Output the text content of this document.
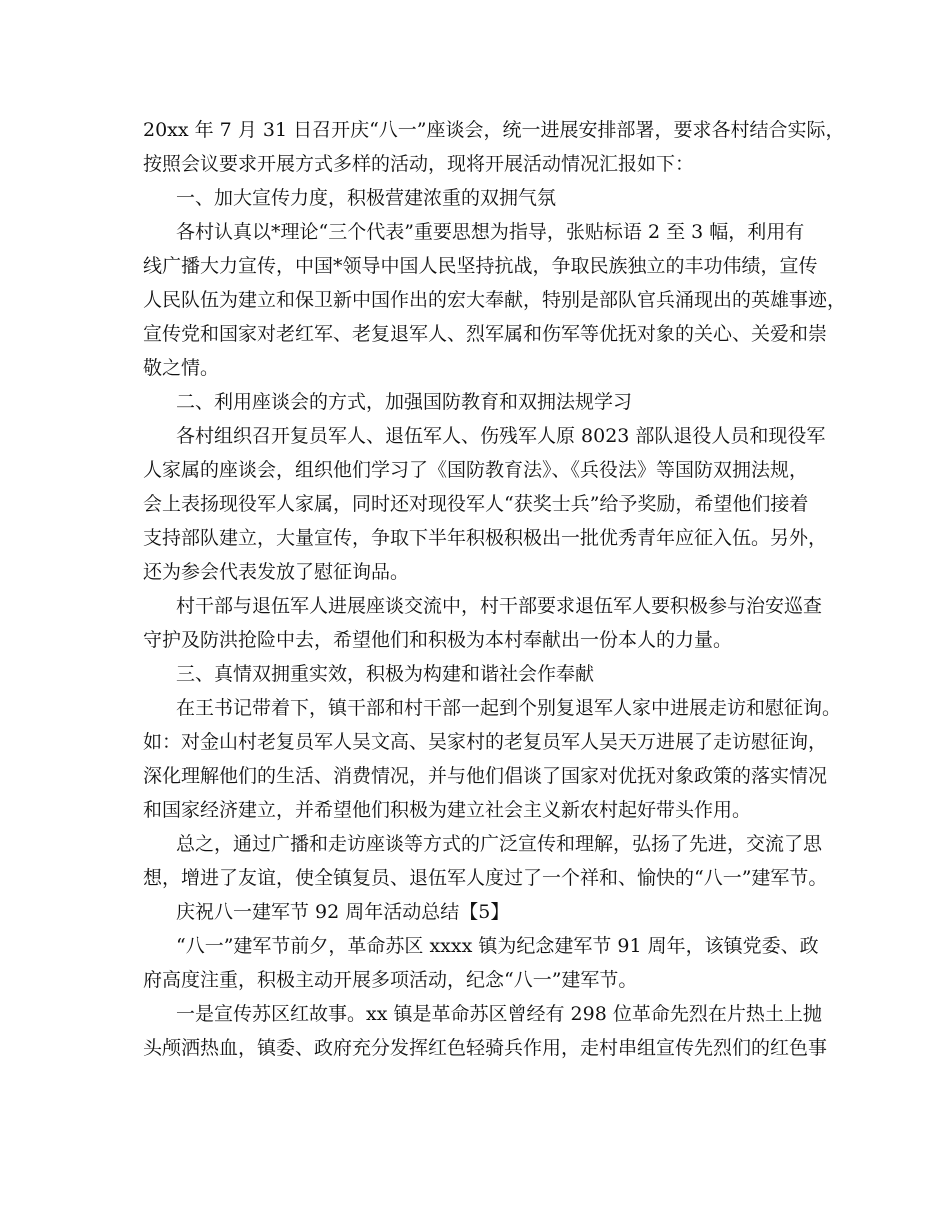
20xx 年 7 月 31 日召开庆“八一”座谈会，统一进展安排部署，要求各村结合实际，
按照会议要求开展方式多样的活动，现将开展活动情况汇报如下：
一、加大宣传力度，积极营建浓重的双拥气氛
各村认真以*理论“三个代表”重要思想为指导，张贴标语 2 至 3 幅，利用有
线广播大力宣传，中国*领导中国人民坚持抗战，争取民族独立的丰功伟绩，宣传
人民队伍为建立和保卫新中国作出的宏大奉献，特别是部队官兵涌现出的英雄事迹，
宣传党和国家对老红军、老复退军人、烈军属和伤军等优抚对象的关心、关爱和崇
敬之情。
二、利用座谈会的方式，加强国防教育和双拥法规学习
各村组织召开复员军人、退伍军人、伤残军人原 8023 部队退役人员和现役军
人家属的座谈会，组织他们学习了《国防教育法》、《兵役法》等国防双拥法规，
会上表扬现役军人家属，同时还对现役军人“获奖士兵”给予奖励，希望他们接着
支持部队建立，大量宣传，争取下半年积极积极出一批优秀青年应征入伍。另外，
还为参会代表发放了慰征询品。
村干部与退伍军人进展座谈交流中，村干部要求退伍军人要积极参与治安巡查
守护及防洪抢险中去，希望他们和积极为本村奉献出一份本人的力量。
三、真情双拥重实效，积极为构建和谐社会作奉献
在王书记带着下，镇干部和村干部一起到个别复退军人家中进展走访和慰征询。
如：对金山村老复员军人吴文高、吴家村的老复员军人吴天万进展了走访慰征询，
深化理解他们的生活、消费情况，并与他们倡谈了国家对优抚对象政策的落实情况
和国家经济建立，并希望他们积极为建立社会主义新农村起好带头作用。
总之，通过广播和走访座谈等方式的广泛宣传和理解，弘扬了先进，交流了思
想，增进了友谊，使全镇复员、退伍军人度过了一个祥和、愉快的“八一”建军节。
庆祝八一建军节 92 周年活动总结【5】
“八一”建军节前夕，革命苏区 xxxx 镇为纪念建军节 91 周年，该镇党委、政
府高度注重，积极主动开展多项活动，纪念“八一”建军节。
一是宣传苏区红故事。xx 镇是革命苏区曾经有 298 位革命先烈在片热土上抛
头颅洒热血，镇委、政府充分发挥红色轻骑兵作用，走村串组宣传先烈们的红色事
